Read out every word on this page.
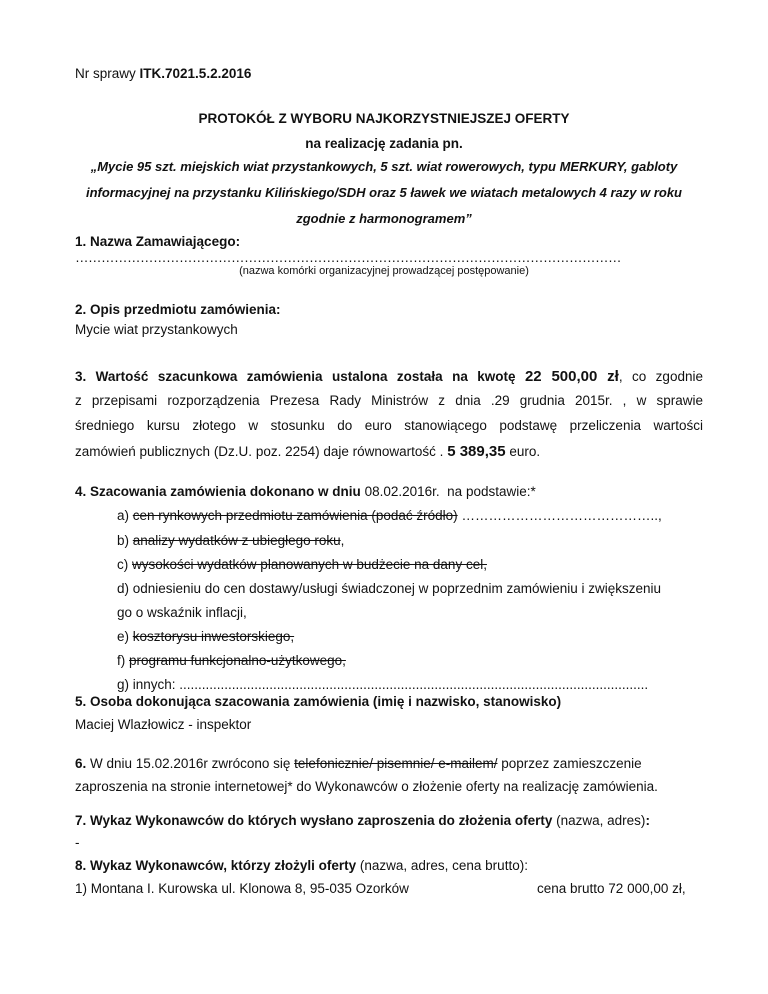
Nr sprawy ITK.7021.5.2.2016
PROTOKÓŁ Z WYBORU NAJKORZYSTNIEJSZEJ OFERTY
na realizację zadania pn.
„Mycie 95 szt. miejskich wiat przystankowych, 5 szt. wiat rowerowych, typu MERKURY, gabloty
informacyjnej na przystanku Kilińskiego/SDH oraz 5 ławek we wiatach metalowych 4 razy w roku
zgodnie z harmonogramem”
1. Nazwa Zamawiającego:
………………………………………………………………………………………………………………
(nazwa komórki organizacyjnej prowadzącej postępowanie)
2. Opis przedmiotu zamówienia:
Mycie wiat przystankowych
3. Wartość szacunkowa zamówienia ustalona została na kwotę 22 500,00 zł, co zgodnie
z przepisami rozporządzenia Prezesa Rady Ministrów z dnia .29 grudnia 2015r. , w sprawie
średniego kursu złotego w stosunku do euro stanowiącego podstawę przeliczenia wartości
zamówień publicznych (Dz.U. poz. 2254) daje równowartość . 5 389,35 euro.
4. Szacowania zamówienia dokonano w dniu 08.02.2016r. na podstawie:*
a) cen rynkowych przedmiotu zamówienia (podać źródło) ……………………………………..,
b) analizy wydatków z ubiegłego roku,
c) wysokości wydatków planowanych w budżecie na dany cel,
d) odniesieniu do cen dostawy/usługi świadczonej w poprzednim zamówieniu i zwiększeniu
go o wskaźnik inflacji,
e) kosztorysu inwestorskiego,
f) programu funkcjonalno-użytkowego,
g) innych: .............................................................................................................................
5. Osoba dokonująca szacowania zamówienia (imię i nazwisko, stanowisko)
Maciej Wlazłowicz - inspektor
6. W dniu 15.02.2016r zwrócono się telefonicznie/ pisemnie/ e-mailem/ poprzez zamieszczenie
zaproszenia na stronie internetowej* do Wykonawców o złożenie oferty na realizację zamówienia.
7. Wykaz Wykonawców do których wysłano zaproszenia do złożenia oferty (nazwa, adres):
-
8. Wykaz Wykonawców, którzy złożyli oferty (nazwa, adres, cena brutto):
1) Montana I. Kurowska ul. Klonowa 8, 95-035 Ozorków	cena brutto 72 000,00 zł,
